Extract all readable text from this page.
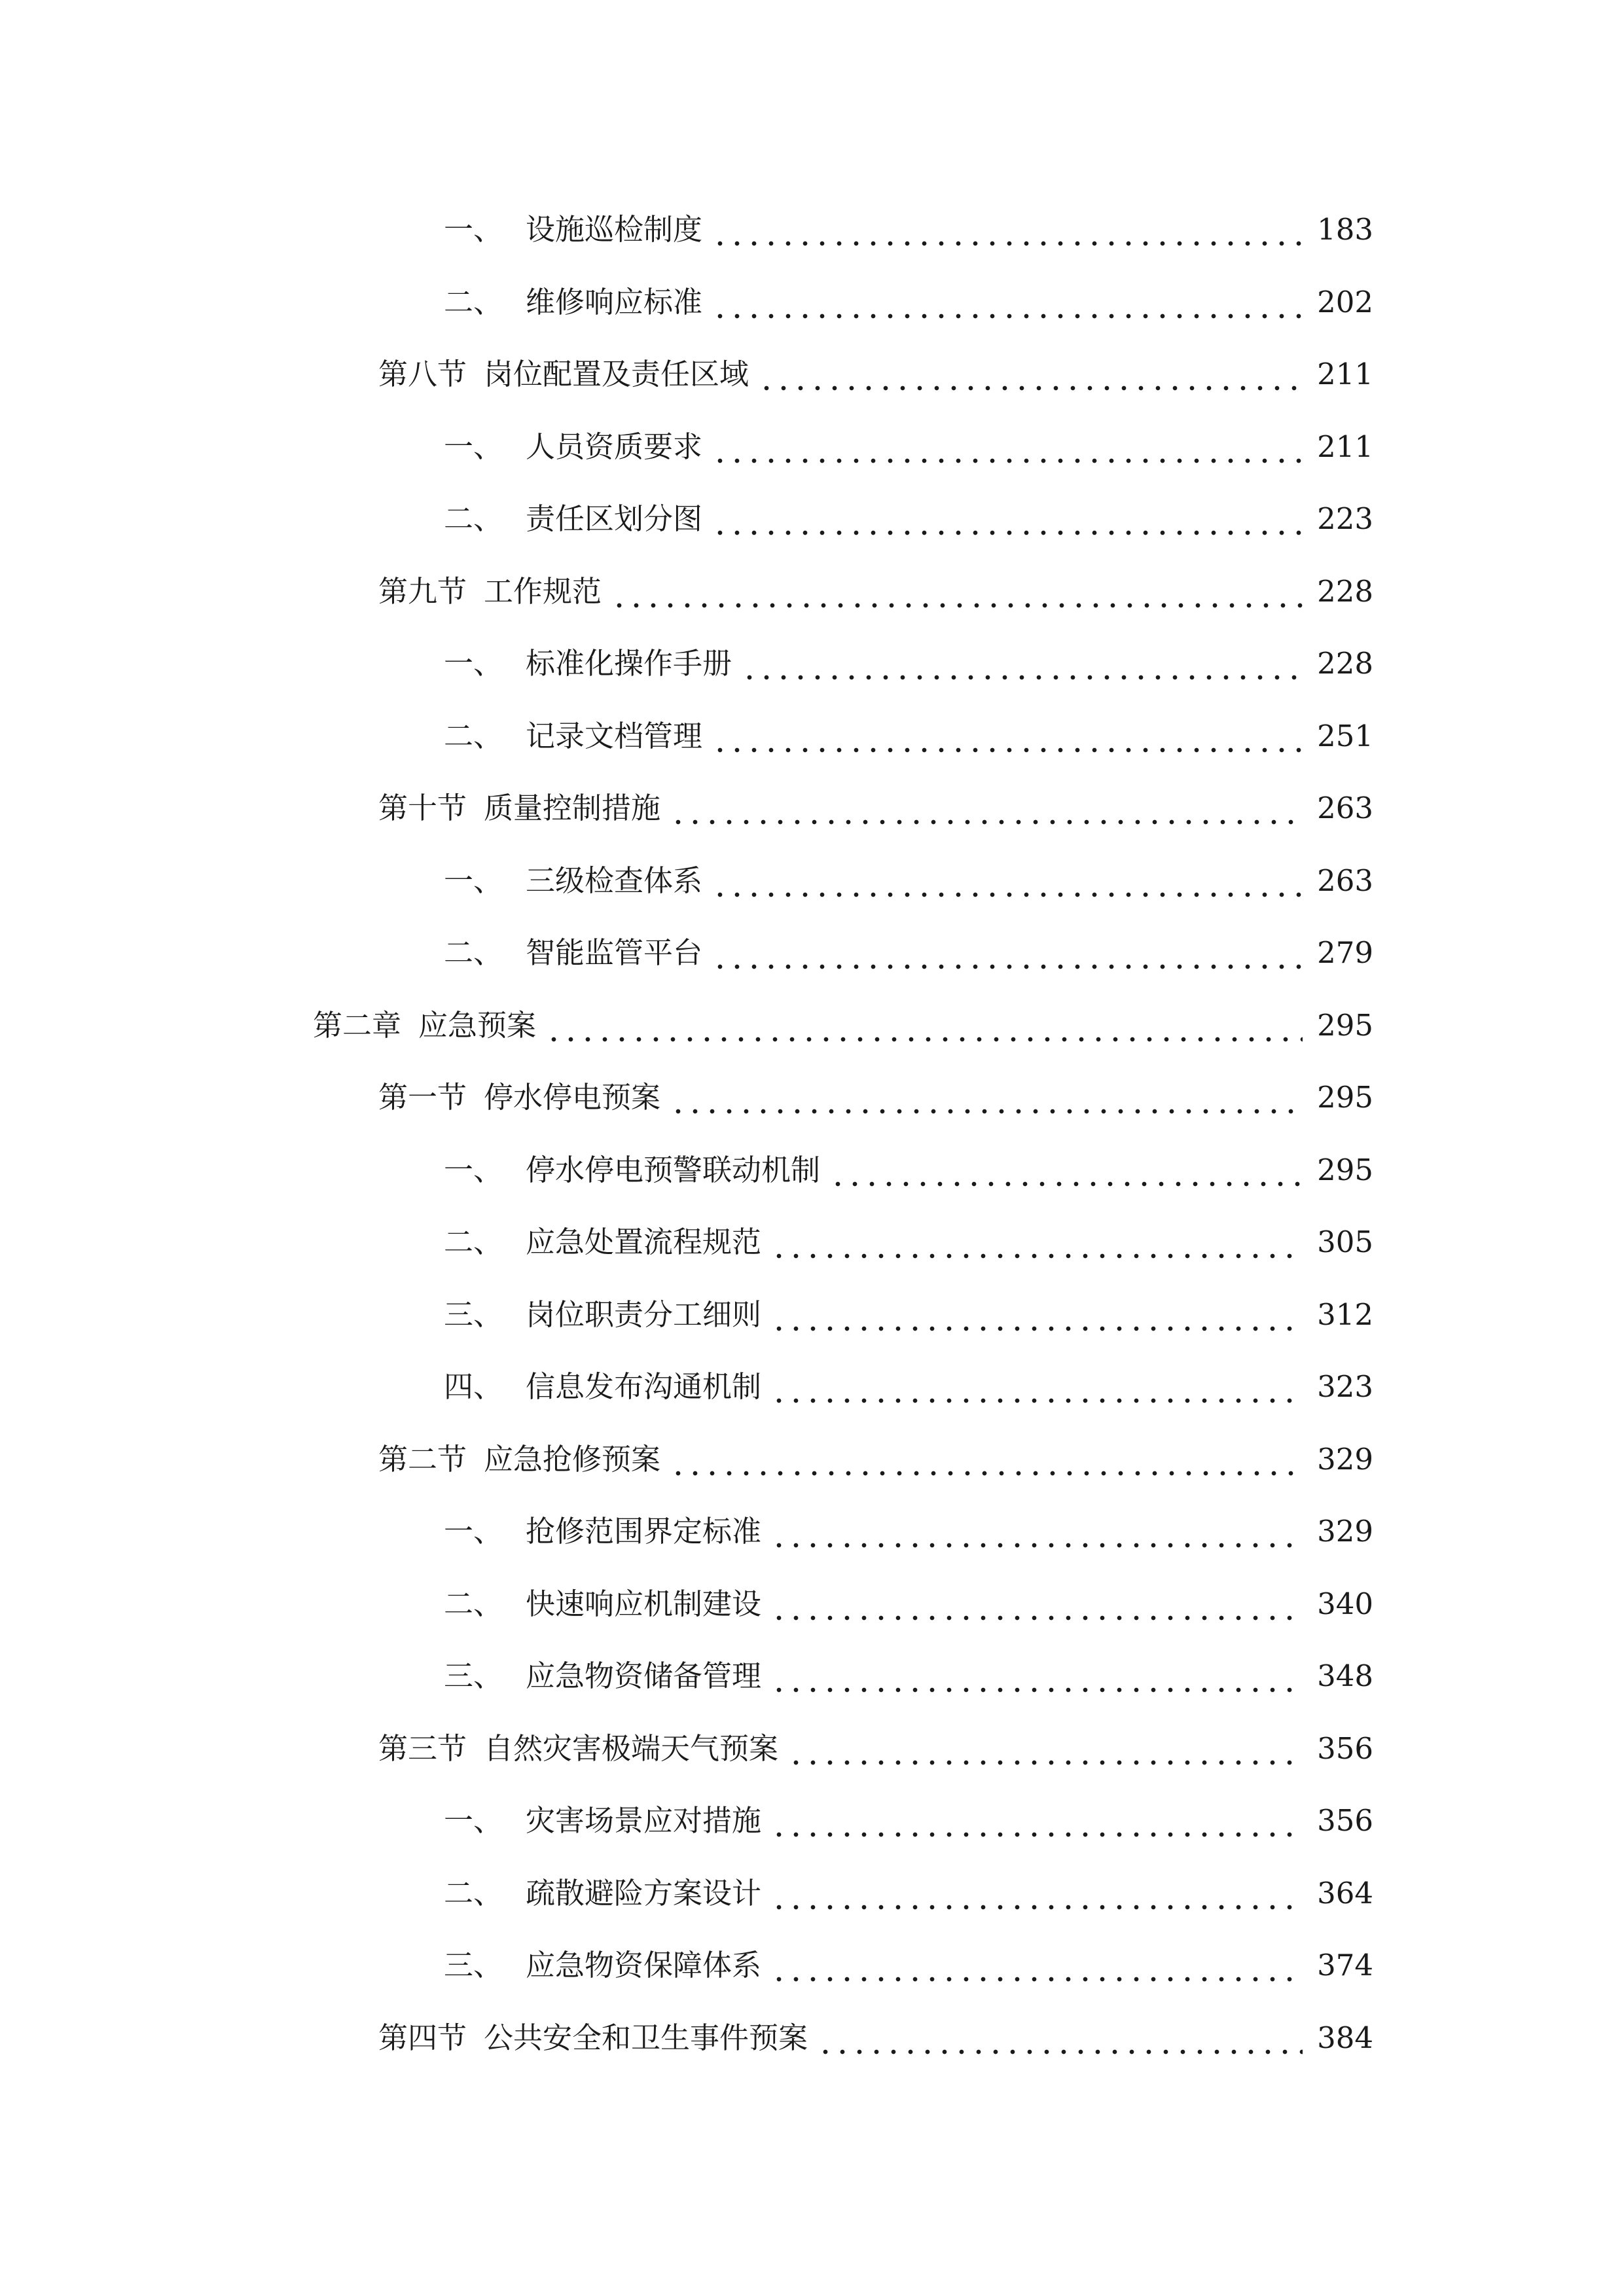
一、 设施巡检制度	183
二、 维修响应标准	202
第八节 岗位配置及责任区域	211
一、 人员资质要求	211
二、 责任区划分图	223
第九节 工作规范	228
一、 标准化操作手册	228
二、 记录文档管理	251
第十节 质量控制措施	263
一、 三级检查体系	263
二、 智能监管平台	279
第二章 应急预案	295
第一节 停水停电预案	295
一、 停水停电预警联动机制	295
二、 应急处置流程规范	305
三、 岗位职责分工细则	312
四、 信息发布沟通机制	323
第二节 应急抢修预案	329
一、 抢修范围界定标准	329
二、 快速响应机制建设	340
三、 应急物资储备管理	348
第三节 自然灾害极端天气预案	356
一、 灾害场景应对措施	356
二、 疏散避险方案设计	364
三、 应急物资保障体系	374
第四节 公共安全和卫生事件预案	384
